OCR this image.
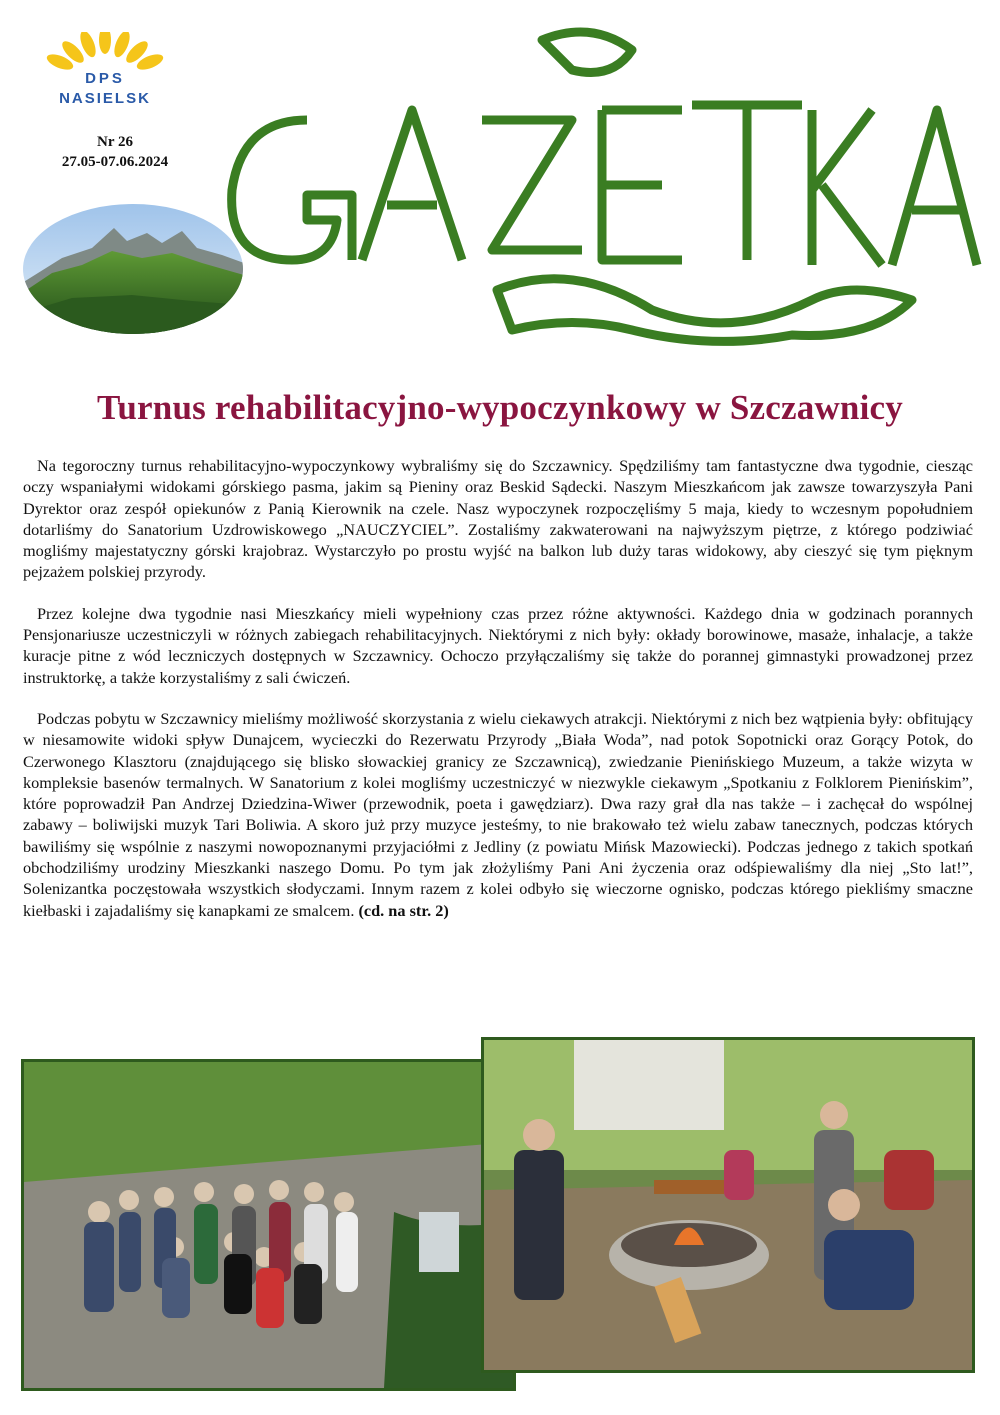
DPS
NASIELSK
Nr 26
27.05-07.06.2024
Turnus rehabilitacyjno-wypoczynkowy w Szczawnicy

Na tegoroczny turnus rehabilitacyjno-wypoczynkowy wybraliśmy się do Szczawnicy. Spędziliśmy tam fantastyczne dwa tygodnie, ciesząc oczy wspaniałymi widokami górskiego pasma, jakim są Pieniny oraz Beskid Sądecki. Naszym Mieszkańcom jak zawsze towarzyszyła Pani Dyrektor oraz zespół opiekunów z Panią Kierownik na czele. Nasz wypoczynek rozpoczęliśmy 5 maja, kiedy to wczesnym popołudniem dotarliśmy do Sanatorium Uzdrowiskowego „NAUCZYCIEL”. Zostaliśmy zakwaterowani na najwyższym piętrze, z którego podziwiać mogliśmy majestatyczny górski krajobraz. Wystarczyło po prostu wyjść na balkon lub duży taras widokowy, aby cieszyć się tym pięknym pejzażem polskiej przyrody.

Przez kolejne dwa tygodnie nasi Mieszkańcy mieli wypełniony czas przez różne aktywności. Każdego dnia w godzinach porannych Pensjonariusze uczestniczyli w różnych zabiegach rehabilitacyjnych. Niektórymi z nich były: okłady borowinowe, masaże, inhalacje, a także kuracje pitne z wód leczniczych dostępnych w Szczawnicy. Ochoczo przyłączaliśmy się także do porannej gimnastyki prowadzonej przez instruktorkę, a także korzystaliśmy z sali ćwiczeń.

Podczas pobytu w Szczawnicy mieliśmy możliwość skorzystania z wielu ciekawych atrakcji. Niektórymi z nich bez wątpienia były: obfitujący w niesamowite widoki spływ Dunajcem, wycieczki do Rezerwatu Przyrody „Biała Woda”, nad potok Sopotnicki oraz Gorący Potok, do Czerwonego Klasztoru (znajdującego się blisko słowackiej granicy ze Szczawnicą), zwiedzanie Pienińskiego Muzeum, a także wizyta w kompleksie basenów termalnych. W Sanatorium z kolei mogliśmy uczestniczyć w niezwykle ciekawym „Spotkaniu z Folklorem Pienińskim”, które poprowadził Pan Andrzej Dziedzina-Wiwer (przewodnik, poeta i gawędziarz). Dwa razy grał dla nas także – i zachęcał do wspólnej zabawy – boliwijski muzyk Tari Boliwia. A skoro już przy muzyce jesteśmy, to nie brakowało też wielu zabaw tanecznych, podczas których bawiliśmy się wspólnie z naszymi nowopoznanymi przyjaciółmi z Jedliny (z powiatu Mińsk Mazowiecki). Podczas jednego z takich spotkań obchodziliśmy urodziny Mieszkanki naszego Domu. Po tym jak złożyliśmy Pani Ani życzenia oraz odśpiewaliśmy dla niej „Sto lat!”, Solenizantka poczęstowała wszystkich słodyczami. Innym razem z kolei odbyło się wieczorne ognisko, podczas którego piekliśmy smaczne kiełbaski i zajadaliśmy się kanapkami ze smalcem. (cd. na str. 2)
